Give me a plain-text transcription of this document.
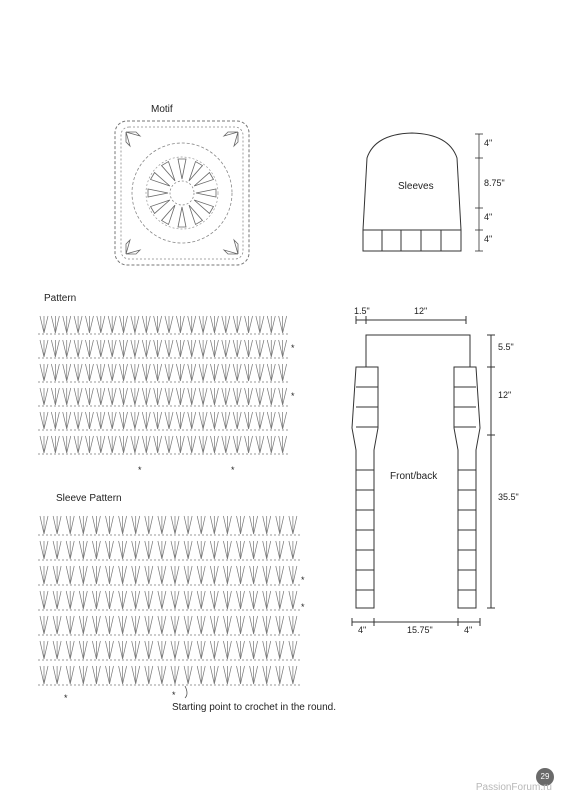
Motif
Sleeves
4"
8.75"
4"
4"
Pattern
*
*
*	*
Sleeve Pattern
*
*
*	*
Starting point to crochet in the round.
1.5"	12"
5.5"
12"
35.5"
Front/back
4"	15.75"	4"
29
PassionForum.ru
